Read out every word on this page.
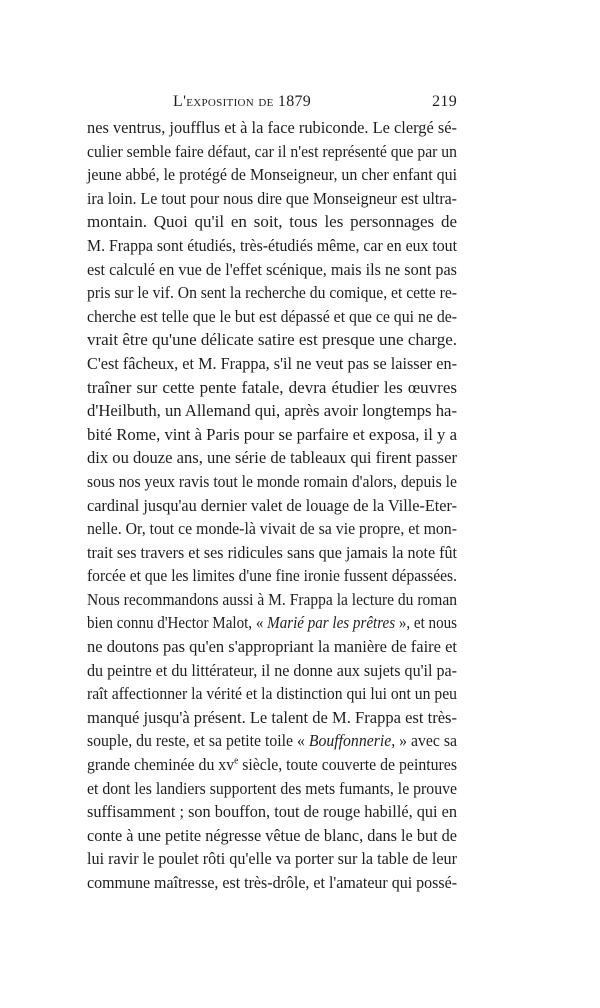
L'exposition de 1879	219
nes ventrus, joufflus et à la face rubiconde. Le clergé sé-
culier semble faire défaut, car il n'est représenté que par un
jeune abbé, le protégé de Monseigneur, un cher enfant qui
ira loin. Le tout pour nous dire que Monseigneur est ultra-
montain. Quoi qu'il en soit, tous les personnages de
M. Frappa sont étudiés, très-étudiés même, car en eux tout
est calculé en vue de l'effet scénique, mais ils ne sont pas
pris sur le vif. On sent la recherche du comique, et cette re-
cherche est telle que le but est dépassé et que ce qui ne de-
vrait être qu'une délicate satire est presque une charge.
C'est fâcheux, et M. Frappa, s'il ne veut pas se laisser en-
traîner sur cette pente fatale, devra étudier les œuvres
d'Heilbuth, un Allemand qui, après avoir longtemps ha-
bité Rome, vint à Paris pour se parfaire et exposa, il y a
dix ou douze ans, une série de tableaux qui firent passer
sous nos yeux ravis tout le monde romain d'alors, depuis le
cardinal jusqu'au dernier valet de louage de la Ville-Eter-
nelle. Or, tout ce monde-là vivait de sa vie propre, et mon-
trait ses travers et ses ridicules sans que jamais la note fût
forcée et que les limites d'une fine ironie fussent dépassées.
Nous recommandons aussi à M. Frappa la lecture du roman
bien connu d'Hector Malot, « Marié par les prêtres », et nous
ne doutons pas qu'en s'appropriant la manière de faire et
du peintre et du littérateur, il ne donne aux sujets qu'il pa-
raît affectionner la vérité et la distinction qui lui ont un peu
manqué jusqu'à présent. Le talent de M. Frappa est très-
souple, du reste, et sa petite toile « Bouffonnerie, » avec sa
grande cheminée du $xv^e$ siècle, toute couverte de peintures
et dont les landiers supportent des mets fumants, le prouve
suffisamment ; son bouffon, tout de rouge habillé, qui en
conte à une petite négresse vêtue de blanc, dans le but de
lui ravir le poulet rôti qu'elle va porter sur la table de leur
commune maîtresse, est très-drôle, et l'amateur qui possé-
